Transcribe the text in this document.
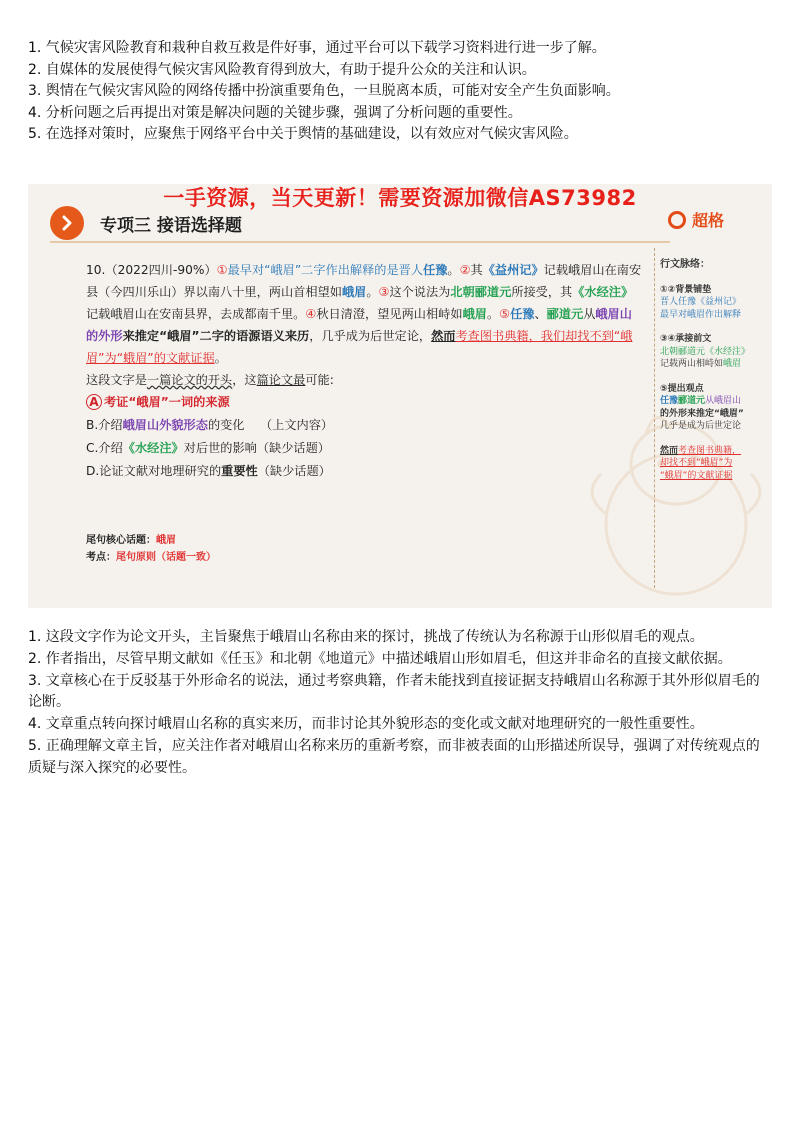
1. 气候灾害风险教育和栽种自救互救是件好事，通过平台可以下载学习资料进行进一步了解。

2. 自媒体的发展使得气候灾害风险教育得到放大，有助于提升公众的关注和认识。

3. 舆情在气候灾害风险的网络传播中扮演重要角色，一旦脱离本质，可能对安全产生负面影响。

4. 分析问题之后再提出对策是解决问题的关键步骤，强调了分析问题的重要性。

5. 在选择对策时，应聚焦于网络平台中关于舆情的基础建设，以有效应对气候灾害风险。

一手资源，当天更新！需要资源加微信AS73982
专项三 接语选择题	超格

10.（2022四川-90%）①最早对“峨眉”二字作出解释的是晋人任豫。②其《益州记》记载峨眉山在南安县（今四川乐山）界以南八十里，两山首相望如峨眉。③这个说法为北朝郦道元所接受，其《水经注》记载峨眉山在安南县界，去成都南千里。④秋日清澄，望见两山相峙如峨眉。⑤任豫、郦道元从峨眉山的外形来推定“峨眉”二字的语源语义来历，几乎成为后世定论，然而考查图书典籍，我们却找不到“峨眉”为“蛾眉”的文献证据。

这段文字是一篇论文的开头，这篇论文最可能:

A 考证“峨眉”一词的来源

B.介绍峨眉山外貌形态的变化 （上文内容）

C.介绍《水经注》对后世的影响（缺少话题）

D.论证文献对地理研究的重要性（缺少话题）

尾句核心话题：峨眉
考点：尾句原则（话题一致）

行文脉络：

①②背景铺垫

晋人任豫《益州记》

最早对峨眉作出解释

③④承接前文

北朝郦道元《水经注》

记载两山相峙如峨眉

⑤提出观点

任豫郦道元从峨眉山

的外形来推定“峨眉”

几乎是成为后世定论

然而考查图书典籍，

却找不到“峨眉”为

“蛾眉”的文献证据

1. 这段文字作为论文开头，主旨聚焦于峨眉山名称由来的探讨，挑战了传统认为名称源于山形似眉毛的观点。

2. 作者指出，尽管早期文献如《任玉》和北朝《地道元》中描述峨眉山形如眉毛，但这并非命名的直接文献依据。

3. 文章核心在于反驳基于外形命名的说法，通过考察典籍，作者未能找到直接证据支持峨眉山名称源于其外形似眉毛的论断。

4. 文章重点转向探讨峨眉山名称的真实来历，而非讨论其外貌形态的变化或文献对地理研究的一般性重要性。

5. 正确理解文章主旨，应关注作者对峨眉山名称来历的重新考察，而非被表面的山形描述所误导，强调了对传统观点的质疑与深入探究的必要性。
